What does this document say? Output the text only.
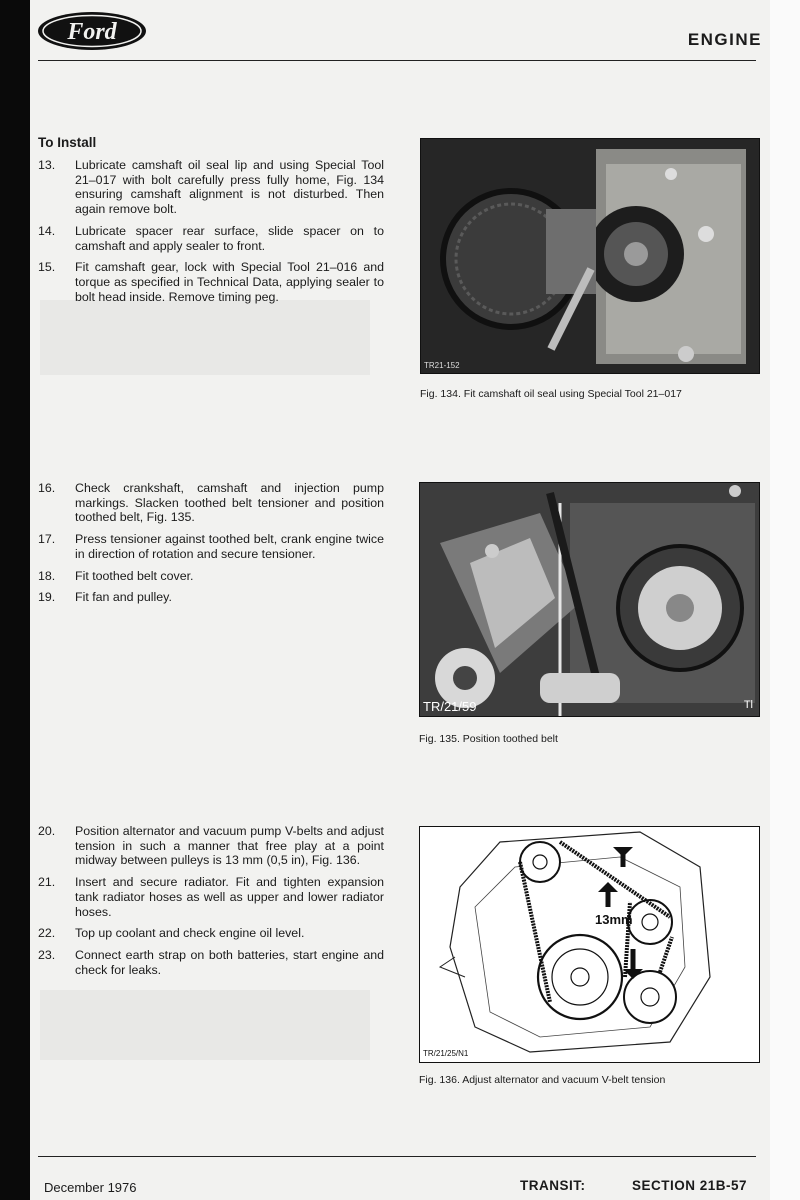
Ford	ENGINE
To Install
13.	Lubricate camshaft oil seal lip and using Special Tool 21–017 with bolt carefully press fully home, Fig. 134 ensuring camshaft alignment is not disturbed. Then again remove bolt.
14.	Lubricate spacer rear surface, slide spacer on to camshaft and apply sealer to front.
15.	Fit camshaft gear, lock with Special Tool 21–016 and torque as specified in Technical Data, applying sealer to bolt head inside. Remove timing peg.
16.	Check crankshaft, camshaft and injection pump markings. Slacken toothed belt tensioner and position toothed belt, Fig. 135.
17.	Press tensioner against toothed belt, crank engine twice in direction of rotation and secure tensioner.
18.	Fit toothed belt cover.
19.	Fit fan and pulley.
20.	Position alternator and vacuum pump V-belts and adjust tension in such a manner that free play at a point midway between pulleys is 13 mm (0,5 in), Fig. 136.
21.	Insert and secure radiator. Fit and tighten expansion tank radiator hoses as well as upper and lower radiator hoses.
22.	Top up coolant and check engine oil level.
23.	Connect earth strap on both batteries, start engine and check for leaks.
TR21-152
Fig. 134. Fit camshaft oil seal using Special Tool 21–017
TR/21/59	Tl
Fig. 135. Position toothed belt
13mm
TR/21/25/N1
Fig. 136. Adjust alternator and vacuum V-belt tension
December 1976	TRANSIT:	SECTION 21B-57
